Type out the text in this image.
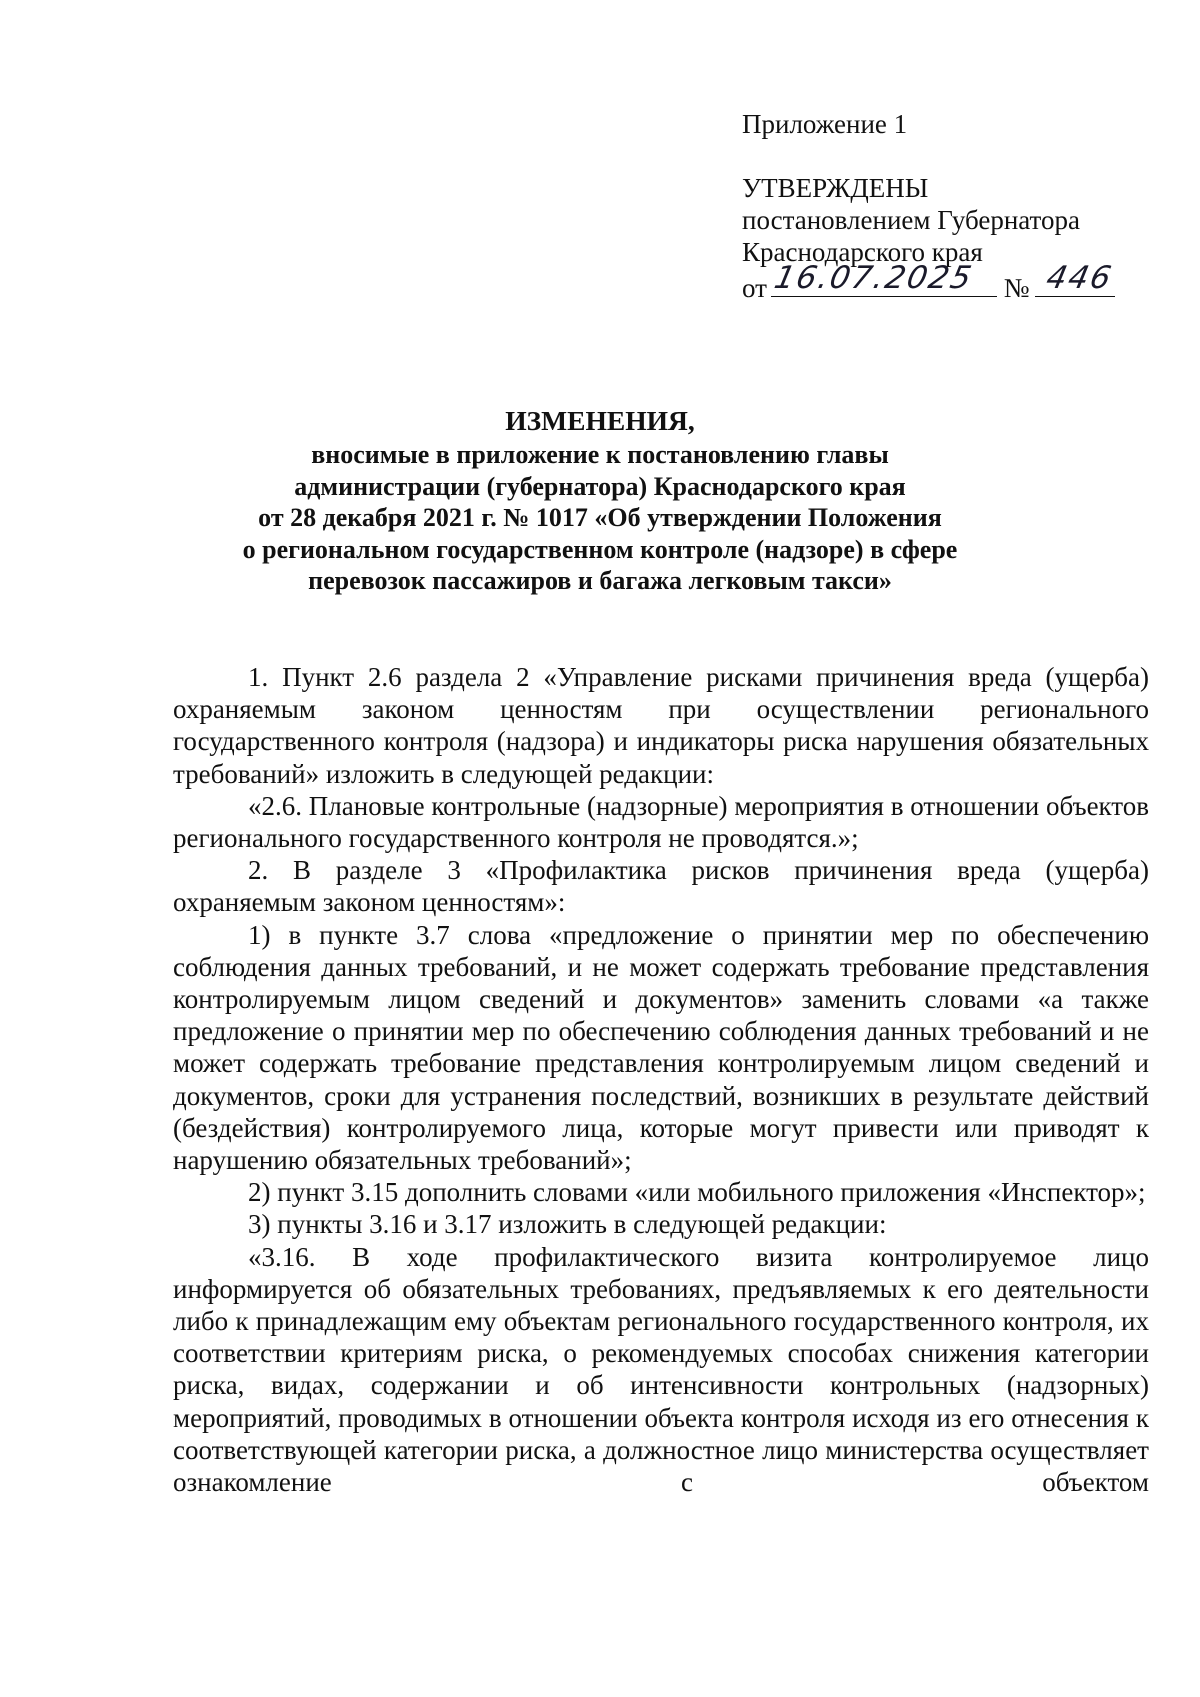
Приложение 1
УТВЕРЖДЕНЫ
постановлением Губернатора
Краснодарского края
от 16.07.2025 № 446
ИЗМЕНЕНИЯ,
вносимые в приложение к постановлению главы
администрации (губернатора) Краснодарского края
от 28 декабря 2021 г. № 1017 «Об утверждении Положения
о региональном государственном контроле (надзоре) в сфере
перевозок пассажиров и багажа легковым такси»

1. Пункт 2.6 раздела 2 «Управление рисками причинения вреда (ущерба) охраняемым законом ценностям при осуществлении регионального государственного контроля (надзора) и индикаторы риска нарушения обязательных требований» изложить в следующей редакции:

«2.6. Плановые контрольные (надзорные) мероприятия в отношении объектов регионального государственного контроля не проводятся.»;

2. В разделе 3 «Профилактика рисков причинения вреда (ущерба) охраняемым законом ценностям»:

1) в пункте 3.7 слова «предложение о принятии мер по обеспечению соблюдения данных требований, и не может содержать требование представления контролируемым лицом сведений и документов» заменить словами «а также предложение о принятии мер по обеспечению соблюдения данных требований и не может содержать требование представления контролируемым лицом сведений и документов, сроки для устранения последствий, возникших в результате действий (бездействия) контролируемого лица, которые могут привести или приводят к нарушению обязательных требований»;

2) пункт 3.15 дополнить словами «или мобильного приложения «Инспектор»;

3) пункты 3.16 и 3.17 изложить в следующей редакции:

«3.16. В ходе профилактического визита контролируемое лицо информируется об обязательных требованиях, предъявляемых к его деятельности либо к принадлежащим ему объектам регионального государственного контроля, их соответствии критериям риска, о рекомендуемых способах снижения категории риска, видах, содержании и об интенсивности контрольных (надзорных) мероприятий, проводимых в отношении объекта контроля исходя из его отнесения к соответствующей категории риска, а должностное лицо министерства осуществляет ознакомление с объектом
